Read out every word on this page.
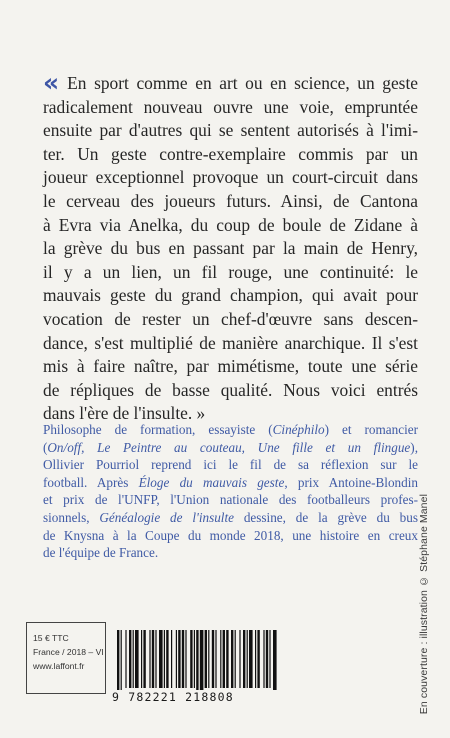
« En sport comme en art ou en science, un geste
radicalement nouveau ouvre une voie, empruntée
ensuite par d'autres qui se sentent autorisés à l'imi-
ter. Un geste contre-exemplaire commis par un
joueur exceptionnel provoque un court-circuit dans
le cerveau des joueurs futurs. Ainsi, de Cantona
à Evra via Anelka, du coup de boule de Zidane à
la grève du bus en passant par la main de Henry,
il y a un lien, un fil rouge, une continuité: le
mauvais geste du grand champion, qui avait pour
vocation de rester un chef-d'œuvre sans descen-
dance, s'est multiplié de manière anarchique. Il s'est
mis à faire naître, par mimétisme, toute une série
de répliques de basse qualité. Nous voici entrés
dans l'ère de l'insulte. »
Philosophe de formation, essayiste (Cinéphilo) et romancier
(On/off, Le Peintre au couteau, Une fille et un flingue),
Ollivier Pourriol reprend ici le fil de sa réflexion sur le
football. Après Éloge du mauvais geste, prix Antoine-Blondin
et prix de l'UNFP, l'Union nationale des footballeurs profes-
sionnels, Généalogie de l'insulte dessine, de la grève du bus
de Knysna à la Coupe du monde 2018, une histoire en creux
de l'équipe de France.	En couverture : illustration © Stéphane Manel
15 € TTC
France / 2018 – VI
www.laffont.fr
9 782221 218808
